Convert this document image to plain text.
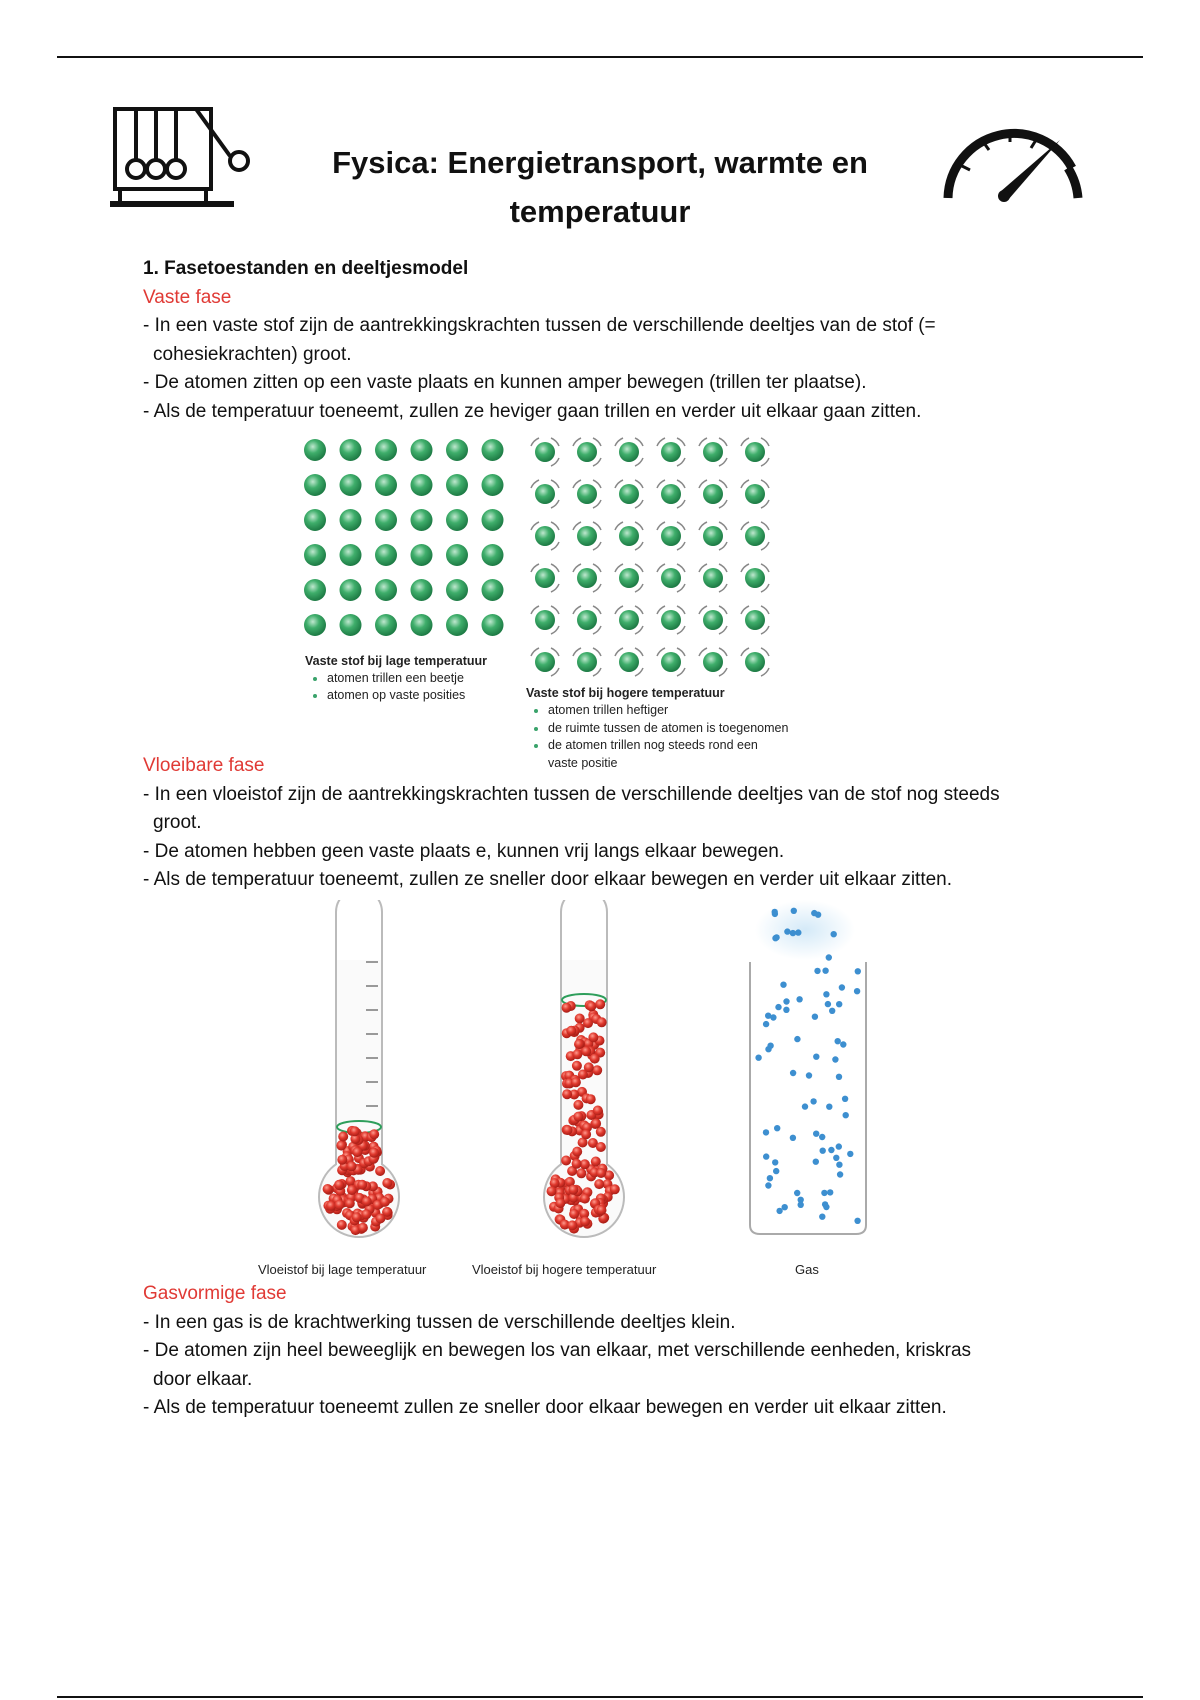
Fysica: Energietransport, warmte en
temperatuur
1. Fasetoestanden en deeltjesmodel
Vaste fase
- In een vaste stof zijn de aantrekkingskrachten tussen de verschillende deeltjes van de stof (= cohesiekrachten) groot.
- De atomen zitten op een vaste plaats en kunnen amper bewegen (trillen ter plaatse).
- Als de temperatuur toeneemt, zullen ze heviger gaan trillen en verder uit elkaar gaan zitten.
Vaste stof bij lage temperatuur
• atomen trillen een beetje
• atomen op vaste posities	Vaste stof bij hogere temperatuur
• atomen trillen heftiger
• de ruimte tussen de atomen is toegenomen
• de atomen trillen nog steeds rond een vaste positie
Vloeibare fase
- In een vloeistof zijn de aantrekkingskrachten tussen de verschillende deeltjes van de stof nog steeds groot.
- De atomen hebben geen vaste plaats e, kunnen vrij langs elkaar bewegen.
- Als de temperatuur toeneemt, zullen ze sneller door elkaar bewegen en verder uit elkaar zitten.
Vloeistof bij lage temperatuur	Vloeistof bij hogere temperatuur	Gas
Gasvormige fase
- In een gas is de krachtwerking tussen de verschillende deeltjes klein.
- De atomen zijn heel beweeglijk en bewegen los van elkaar, met verschillende eenheden, kriskras door elkaar.
- Als de temperatuur toeneemt zullen ze sneller door elkaar bewegen en verder uit elkaar zitten.
